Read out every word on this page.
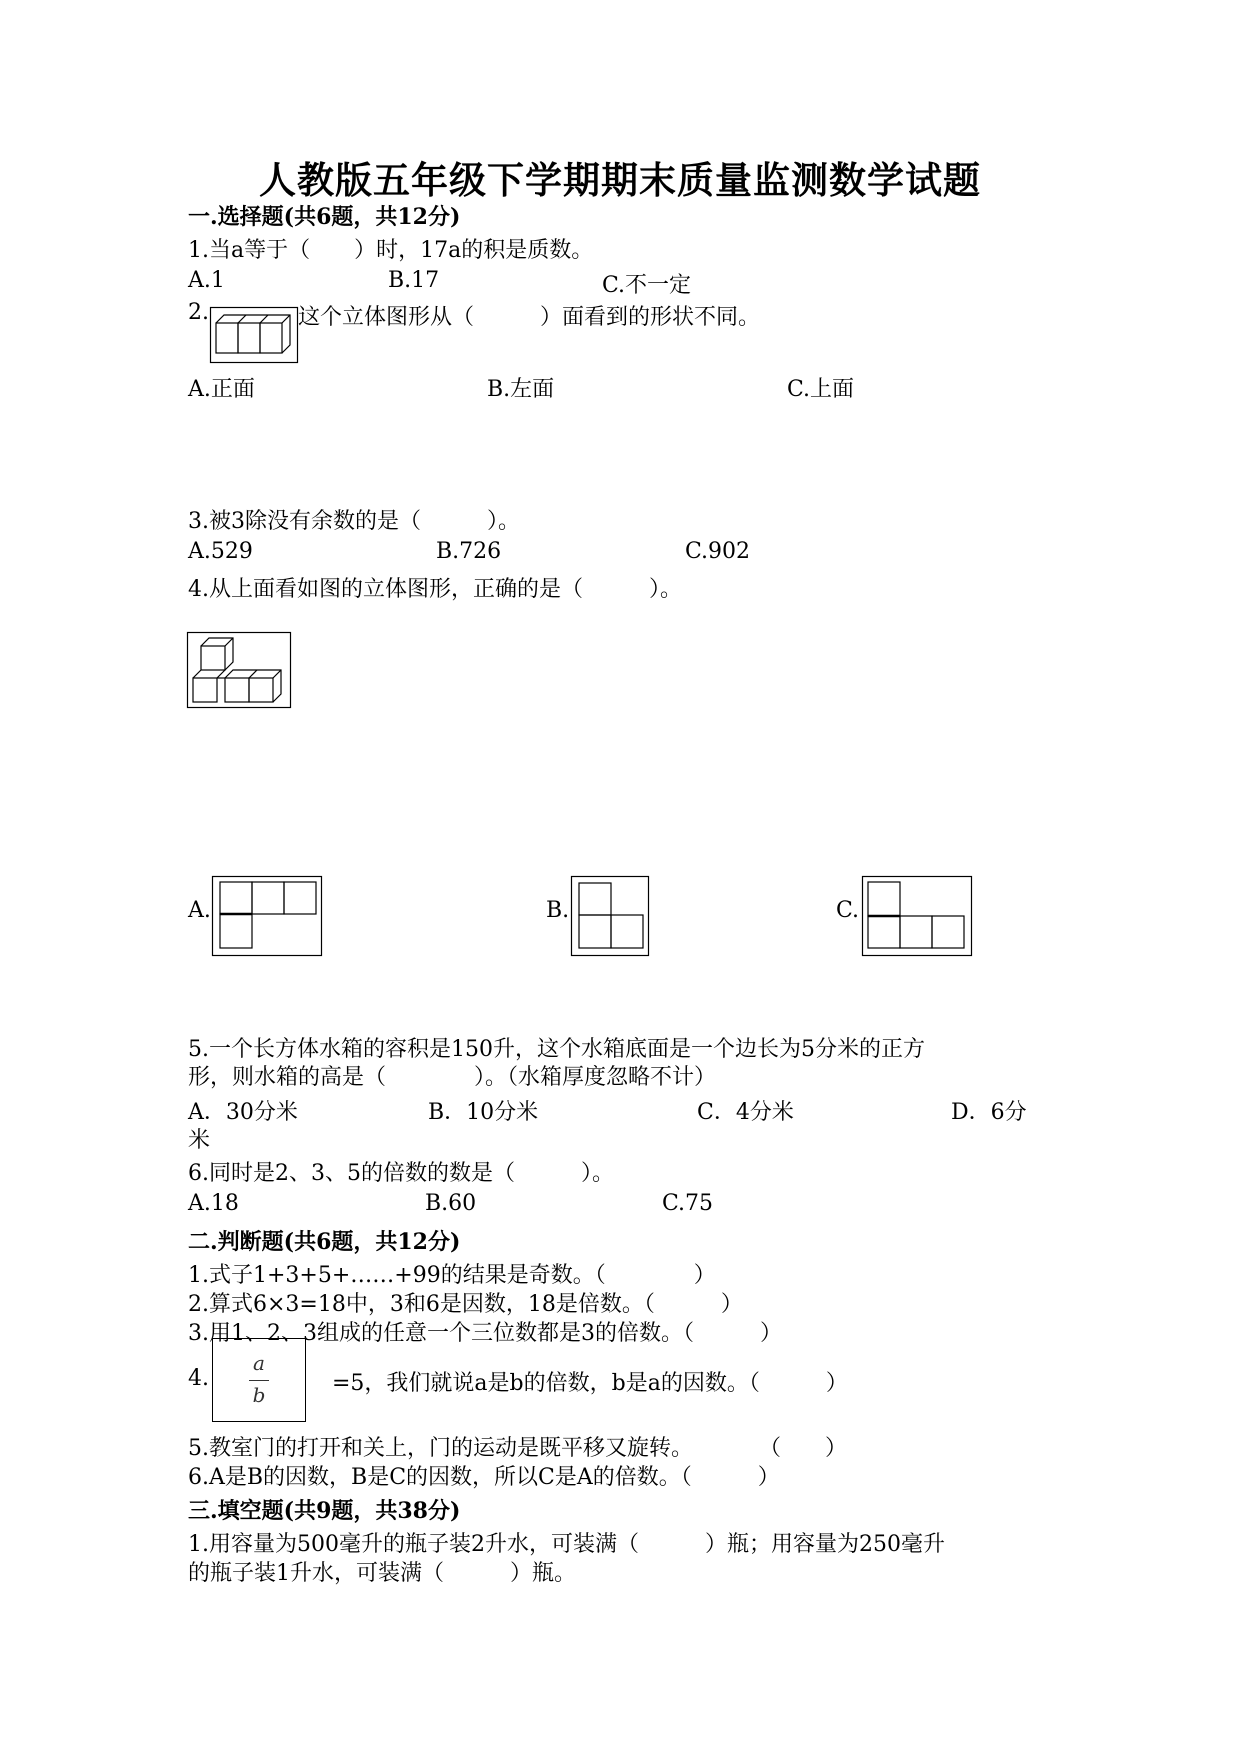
人教版五年级下学期期末质量监测数学试题
一.选择题(共6题，共12分)
1.当a等于（　　）时，17a的积是质数。
A.1	B.17	C.不一定
2.	这个立体图形从（　　　）面看到的形状不同。
A.正面	B.左面	C.上面
3.被3除没有余数的是（　　　）。
A.529	B.726	C.902
4.从上面看如图的立体图形，正确的是（　　　）。
A.	B.	C.
5.一个长方体水箱的容积是150升，这个水箱底面是一个边长为5分米的正方
形，则水箱的高是（　　　　）。（水箱厚度忽略不计）
A．30分米	B．10分米	C．4分米	D．6分
米
6.同时是2、3、5的倍数的数是（　　　）。
A.18	B.60	C.75
二.判断题(共6题，共12分)
1.式子1+3+5+……+99的结果是奇数。（　　　　）
2.算式6×3=18中，3和6是因数，18是倍数。（　　　）
3.用1、2、3组成的任意一个三位数都是3的倍数。（　　　）
4.
a
b	=5，我们就说a是b的倍数，b是a的因数。（　　　）
5.教室门的打开和关上，门的运动是既平移又旋转。　　　　（　　）
6.A是B的因数，B是C的因数，所以C是A的倍数。（　　　）
三.填空题(共9题，共38分)
1.用容量为500毫升的瓶子装2升水，可装满（　　　）瓶；用容量为250毫升
的瓶子装1升水，可装满（　　　）瓶。
